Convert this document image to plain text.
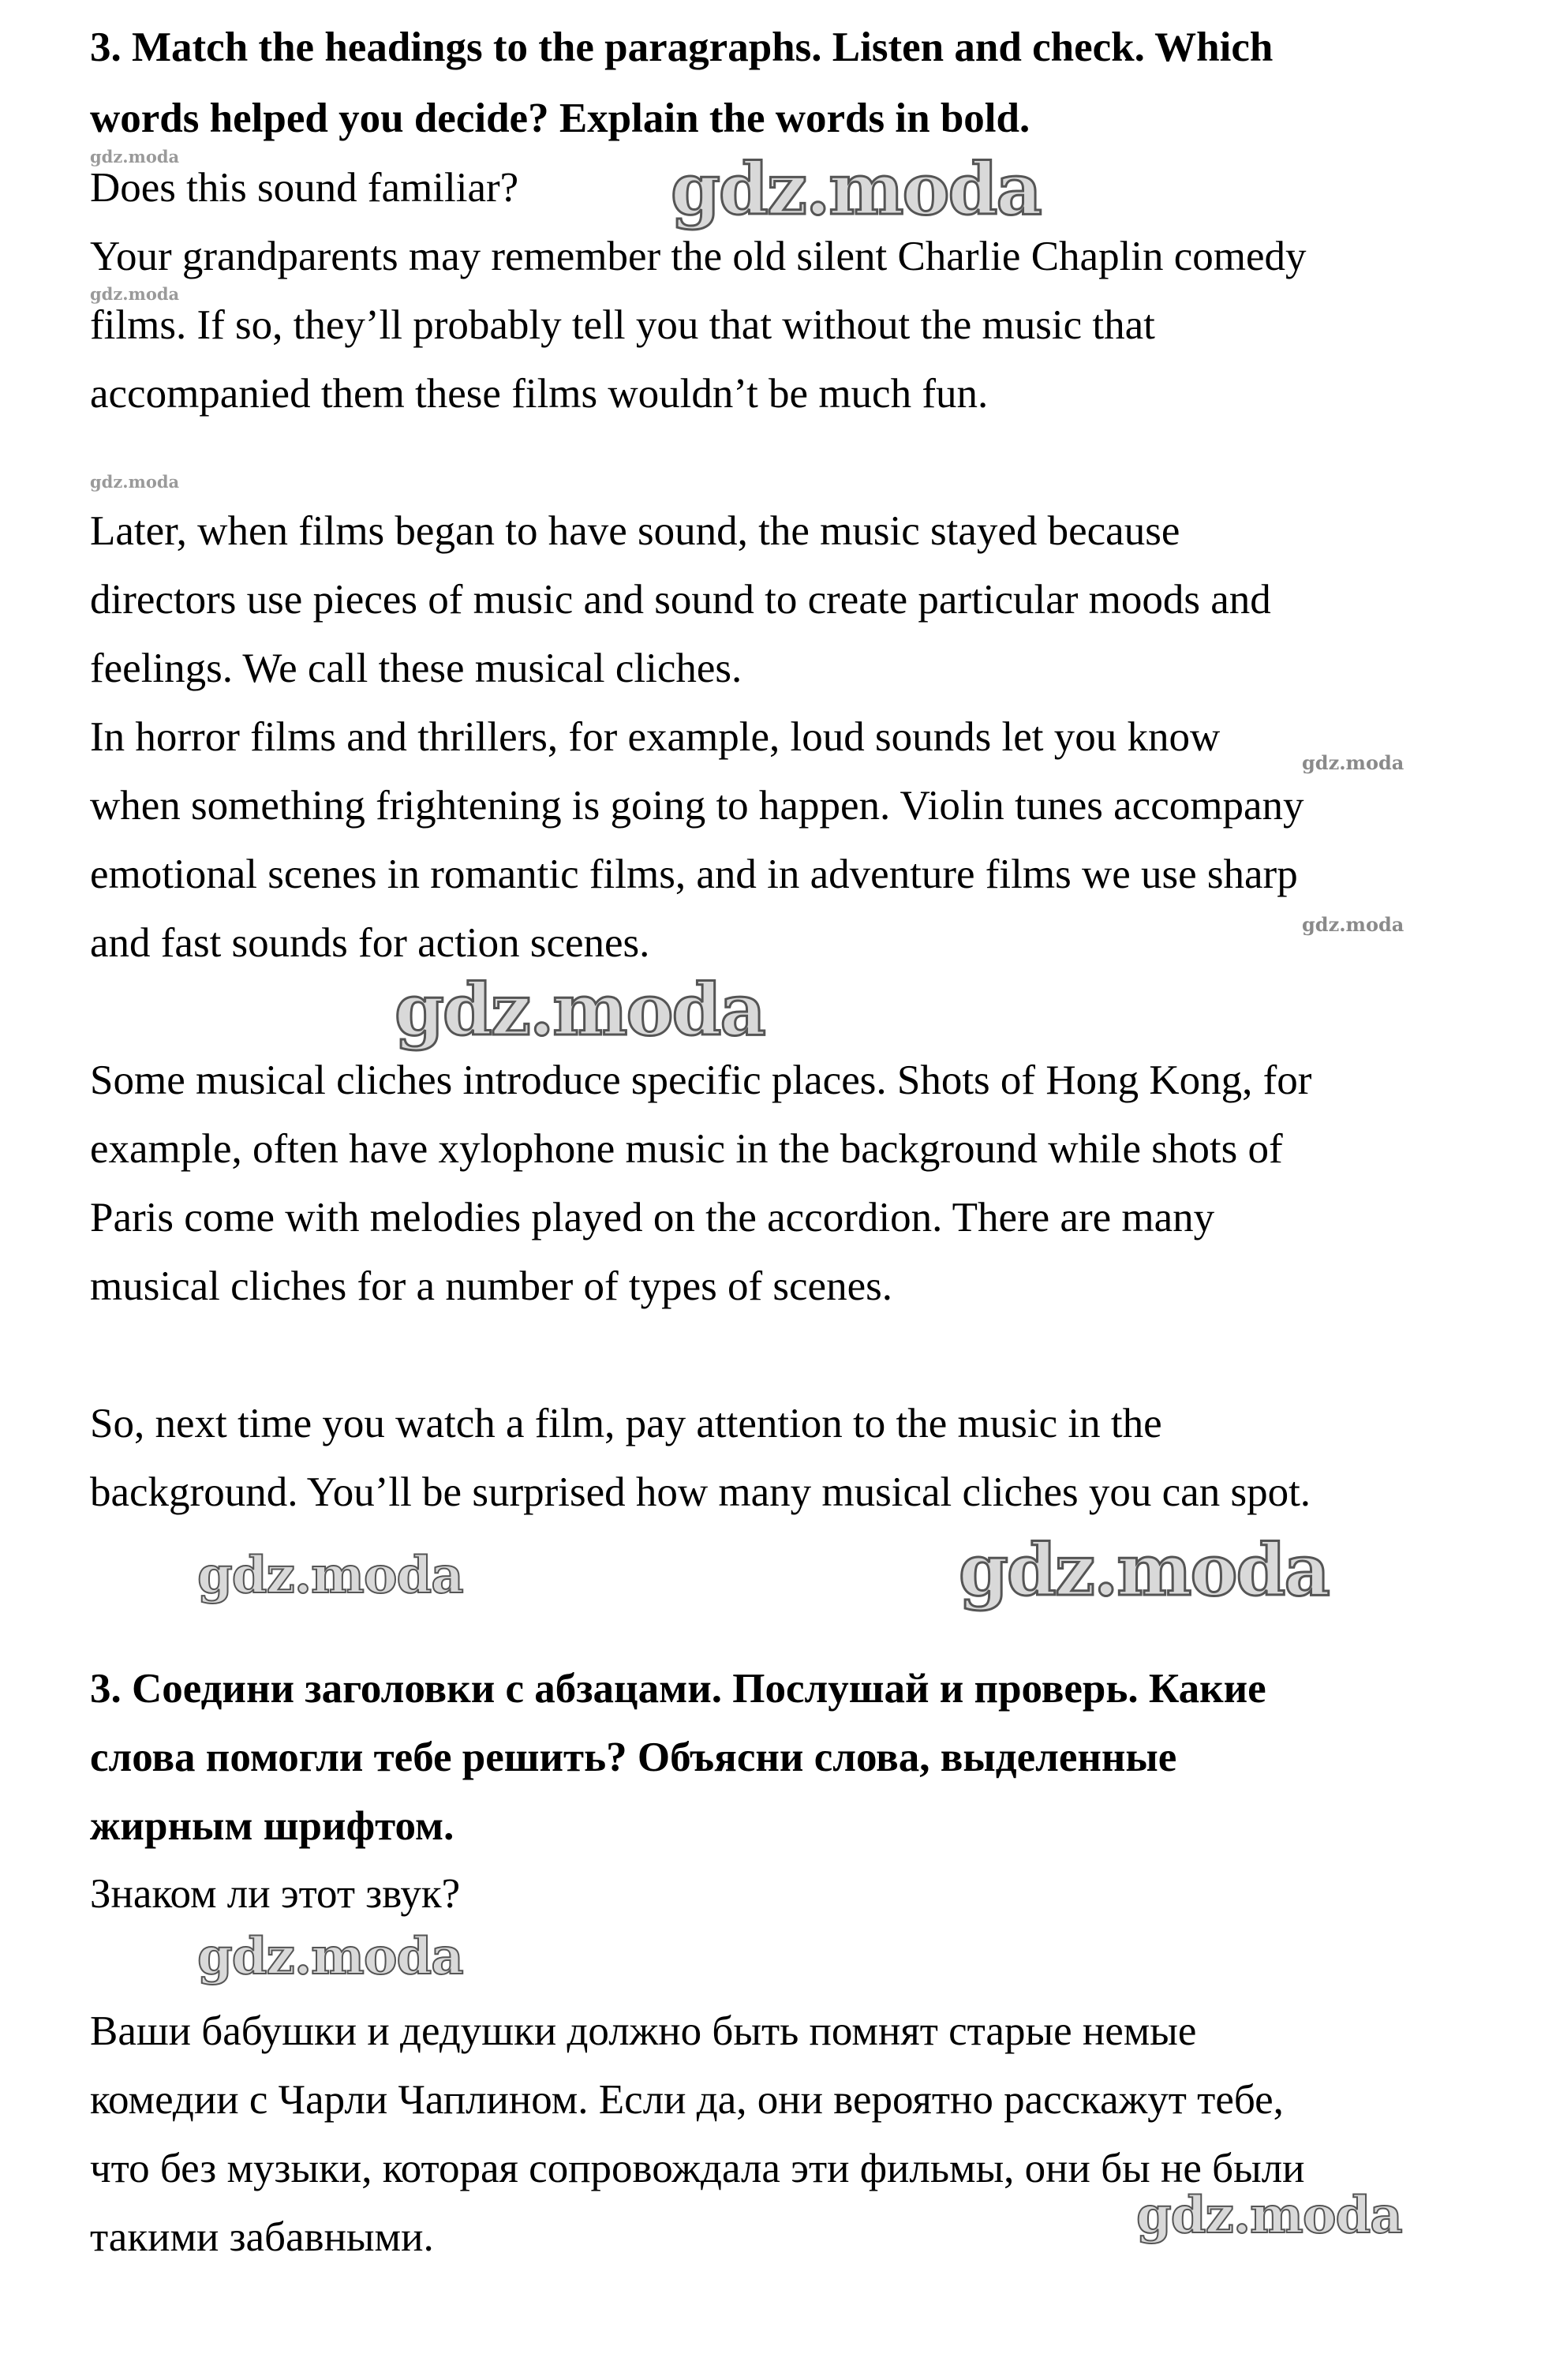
3. Match the headings to the paragraphs. Listen and check. Which
words helped you decide? Explain the words in bold.
Does this sound familiar?
Your grandparents may remember the old silent Charlie Chaplin comedy
films. If so, they’ll probably tell you that without the music that
accompanied them these films wouldn’t be much fun.
Later, when films began to have sound, the music stayed because
directors use pieces of music and sound to create particular moods and
feelings. We call these musical cliches.
In horror films and thrillers, for example, loud sounds let you know
when something frightening is going to happen. Violin tunes accompany
emotional scenes in romantic films, and in adventure films we use sharp
and fast sounds for action scenes.
Some musical cliches introduce specific places. Shots of Hong Kong, for
example, often have xylophone music in the background while shots of
Paris come with melodies played on the accordion. There are many
musical cliches for a number of types of scenes.
So, next time you watch a film, pay attention to the music in the
background. You’ll be surprised how many musical cliches you can spot.
3. Соедини заголовки с абзацами. Послушай и проверь. Какие
слова помогли тебе решить? Объясни слова, выделенные
жирным шрифтом.
Знаком ли этот звук?
Ваши бабушки и дедушки должно быть помнят старые немые
комедии с Чарли Чаплином. Если да, они вероятно расскажут тебе,
что без музыки, которая сопровождала эти фильмы, они бы не были
такими забавными.
gdz.moda
gdz.moda
gdz.moda
gdz.moda
gdz.moda
gdz.moda
gdz.moda
gdz.moda
gdz.moda
gdz.moda
gdz.moda
